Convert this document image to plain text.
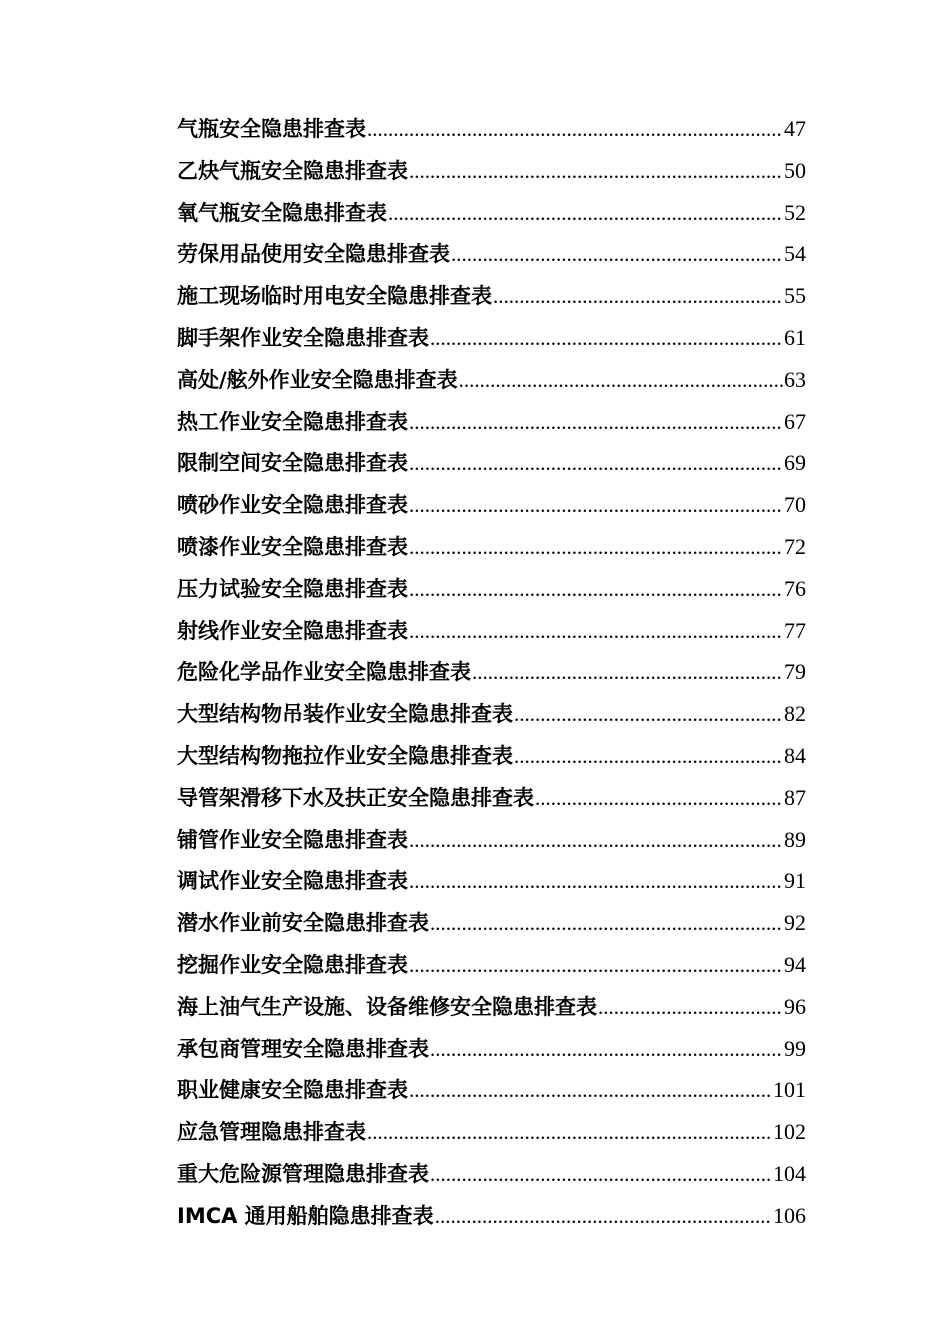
气瓶安全隐患排查表 .....	47
乙炔气瓶安全隐患排查表 .....	50
氧气瓶安全隐患排查表 .....	52
劳保用品使用安全隐患排查表 .....	54
施工现场临时用电安全隐患排查表 .....	55
脚手架作业安全隐患排查表 .....	61
高处/舷外作业安全隐患排查表 .....	63
热工作业安全隐患排查表 .....	67
限制空间安全隐患排查表 .....	69
喷砂作业安全隐患排查表 .....	70
喷漆作业安全隐患排查表 .....	72
压力试验安全隐患排查表 .....	76
射线作业安全隐患排查表 .....	77
危险化学品作业安全隐患排查表 .....	79
大型结构物吊装作业安全隐患排查表 .....	82
大型结构物拖拉作业安全隐患排查表 .....	84
导管架滑移下水及扶正安全隐患排查表 .....	87
铺管作业安全隐患排查表 .....	89
调试作业安全隐患排查表 .....	91
潜水作业前安全隐患排查表 .....	92
挖掘作业安全隐患排查表 .....	94
海上油气生产设施、设备维修安全隐患排查表 .....	96
承包商管理安全隐患排查表 .....	99
职业健康安全隐患排查表 .....	101
应急管理隐患排查表 .....	102
重大危险源管理隐患排查表 .....	104
IMCA 通用船舶隐患排查表 .....	106
